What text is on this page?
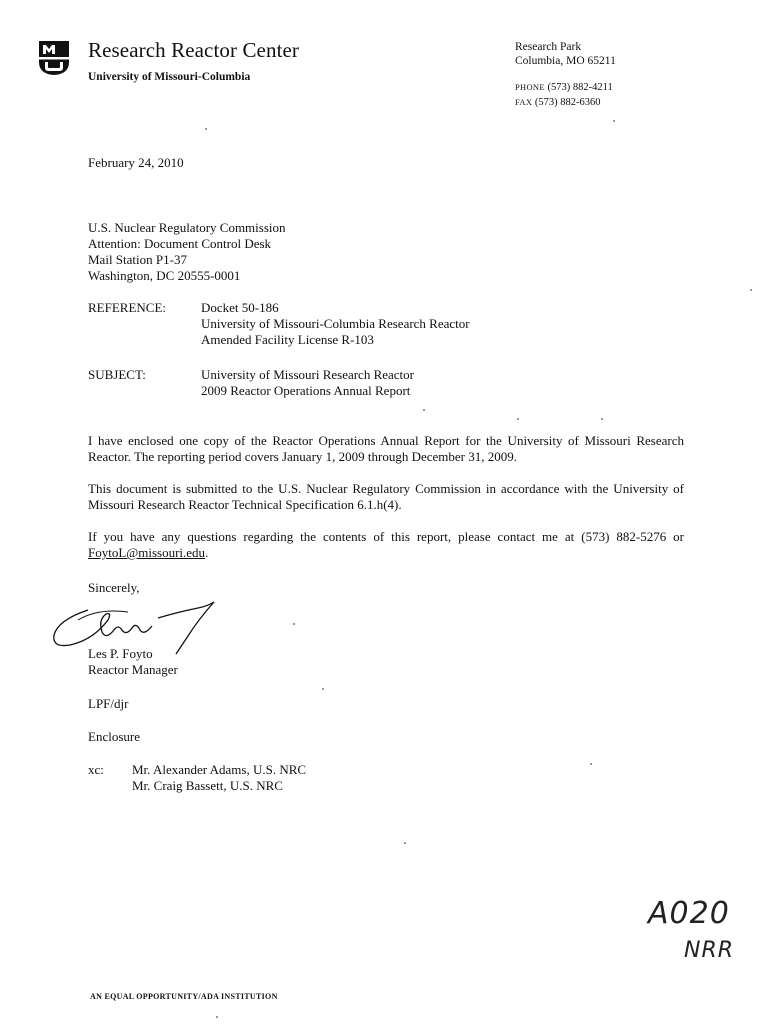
Research Reactor Center
University of Missouri-Columbia
Research Park
Columbia, MO 65211
PHONE (573) 882-4211
FAX (573) 882-6360
February 24, 2010
U.S. Nuclear Regulatory Commission
Attention: Document Control Desk
Mail Station P1-37
Washington, DC 20555-0001
REFERENCE:	Docket 50-186
University of Missouri-Columbia Research Reactor
Amended Facility License R-103
SUBJECT:	University of Missouri Research Reactor
2009 Reactor Operations Annual Report
I have enclosed one copy of the Reactor Operations Annual Report for the University of Missouri Research Reactor. The reporting period covers January 1, 2009 through December 31, 2009.
This document is submitted to the U.S. Nuclear Regulatory Commission in accordance with the University of Missouri Research Reactor Technical Specification 6.1.h(4).
If you have any questions regarding the contents of this report, please contact me at (573) 882-5276 or FoytoL@missouri.edu.
Sincerely,
Les P. Foyto
Reactor Manager
LPF/djr
Enclosure
xc: Mr. Alexander Adams, U.S. NRC
Mr. Craig Bassett, U.S. NRC
A020
NRR
AN EQUAL OPPORTUNITY/ADA INSTITUTION
